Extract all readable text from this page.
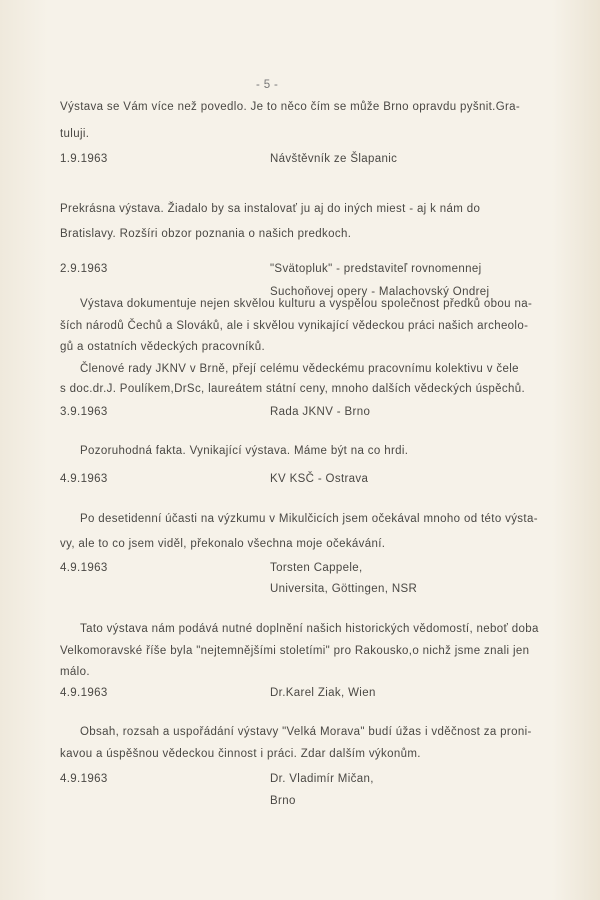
- 5 -
Výstava se Vám více než povedlo. Je to něco čím se může Brno opravdu pyšnit.Gra-
tuluji.
1.9.1963	Návštěvník ze Šlapanic
Prekrásna výstava. Žiadalo by sa instalovať ju aj do iných miest - aj k nám do
Bratislavy. Rozšíri obzor poznania o našich predkoch.
2.9.1963	"Svätopluk" - predstaviteľ rovnomennej
Suchoňovej opery - Malachovský Ondrej
Výstava dokumentuje nejen skvělou kulturu a vyspělou společnost předků obou na-
ších národů Čechů a Slováků, ale i skvělou vynikající vědeckou práci našich archeolo-
gů a ostatních vědeckých pracovníků.
Členové rady JKNV v Brně, přejí celému vědeckému pracovnímu kolektivu v čele
s doc.dr.J. Poulíkem,DrSc, laureátem státní ceny, mnoho dalších vědeckých úspěchů.
3.9.1963	Rada JKNV - Brno
Pozoruhodná fakta. Vynikající výstava. Máme být na co hrdi.
4.9.1963	KV KSČ - Ostrava
Po desetidenní účasti na výzkumu v Mikulčicích jsem očekával mnoho od této výsta-
vy, ale to co jsem viděl, překonalo všechna moje očekávání.
4.9.1963	Torsten Cappele,
Universita, Göttingen, NSR
Tato výstava nám podává nutné doplnění našich historických vědomostí, neboť doba
Velkomoravské říše byla "nejtemnějšími stoletími" pro Rakousko,o nichž jsme znali jen
málo.
4.9.1963	Dr.Karel Ziak, Wien
Obsah, rozsah a uspořádání výstavy "Velká Morava" budí úžas i vděčnost za proni-
kavou a úspěšnou vědeckou činnost i práci. Zdar dalším výkonům.
4.9.1963	Dr. Vladimír Mičan,
Brno
